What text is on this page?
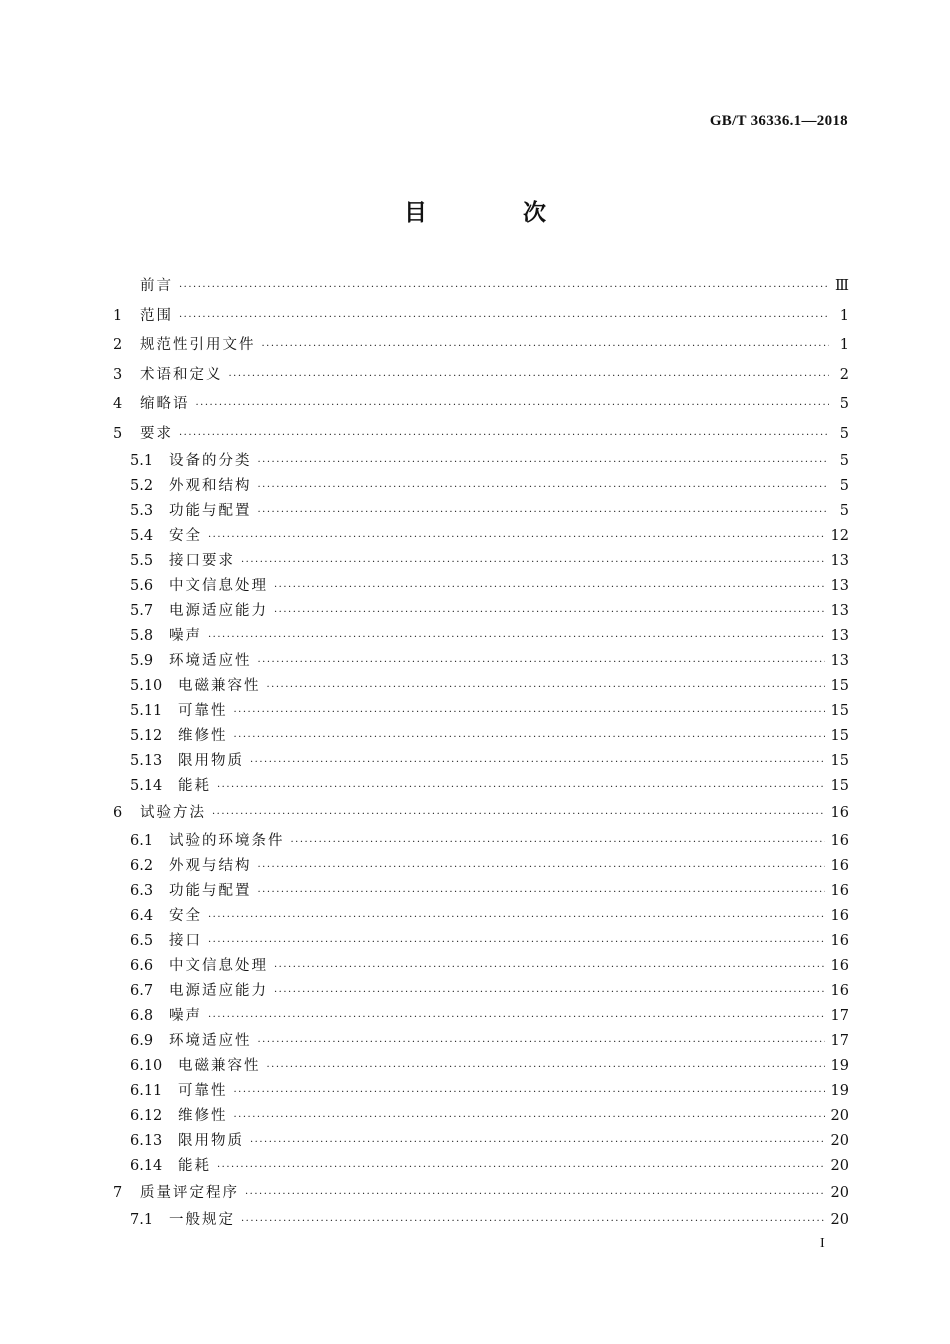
GB/T 36336.1—2018
目 次
前言 ·····	Ⅲ
1	范围 ·····	1
2	规范性引用文件 ·····	1
3	术语和定义 ·····	2
4	缩略语 ·····	5
5	要求 ·····	5
5.1	设备的分类 ·····	5
5.2	外观和结构 ·····	5
5.3	功能与配置 ·····	5
5.4	安全 ·····	12
5.5	接口要求 ·····	13
5.6	中文信息处理 ·····	13
5.7	电源适应能力 ·····	13
5.8	噪声 ·····	13
5.9	环境适应性 ·····	13
5.10	电磁兼容性 ·····	15
5.11	可靠性 ·····	15
5.12	维修性 ·····	15
5.13	限用物质 ·····	15
5.14	能耗 ·····	15
6	试验方法 ·····	16
6.1	试验的环境条件 ·····	16
6.2	外观与结构 ·····	16
6.3	功能与配置 ·····	16
6.4	安全 ·····	16
6.5	接口 ·····	16
6.6	中文信息处理 ·····	16
6.7	电源适应能力 ·····	16
6.8	噪声 ·····	17
6.9	环境适应性 ·····	17
6.10	电磁兼容性 ·····	19
6.11	可靠性 ·····	19
6.12	维修性 ·····	20
6.13	限用物质 ·····	20
6.14	能耗 ·····	20
7	质量评定程序 ·····	20
7.1	一般规定 ·····	20
I
